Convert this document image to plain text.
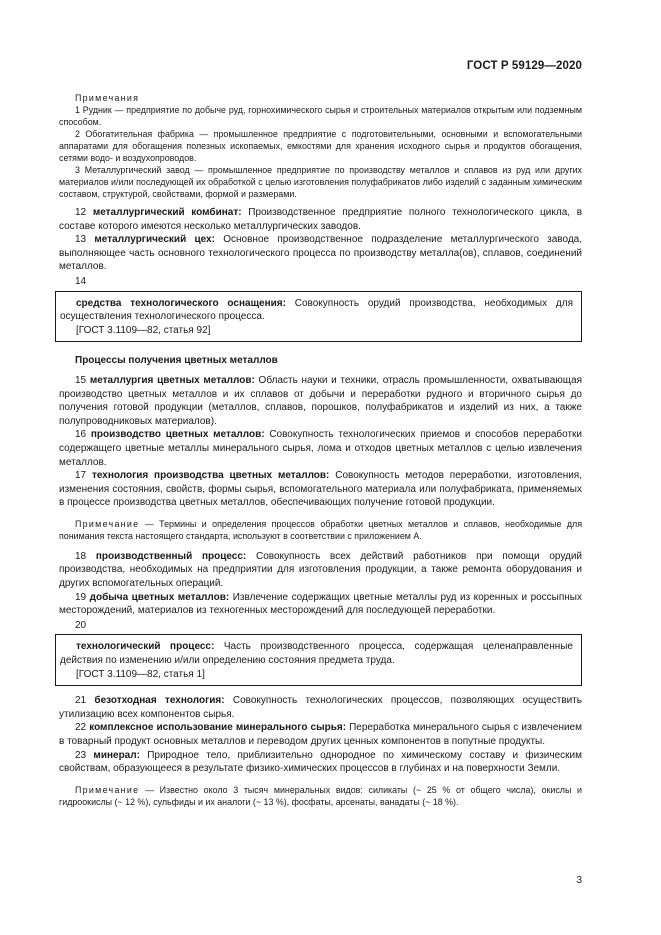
ГОСТ Р 59129—2020

Примечания

1 Рудник — предприятие по добыче руд, горнохимического сырья и строительных материалов открытым или подземным способом.

2 Обогатительная фабрика — промышленное предприятие с подготовительными, основными и вспомогательными аппаратами для обогащения полезных ископаемых, емкостями для хранения исходного сырья и продуктов обогащения, сетями водо- и воздухопроводов.

3 Металлургический завод — промышленное предприятие по производству металлов и сплавов из руд или других материалов и/или последующей их обработкой с целью изготовления полуфабрикатов либо изделий с заданным химическим составом, структурой, свойствами, формой и размерами.

12 металлургический комбинат: Производственное предприятие полного технологического цикла, в составе которого имеются несколько металлургических заводов.

13 металлургический цех: Основное производственное подразделение металлургического завода, выполняющее часть основного технологического процесса по производству металла(ов), сплавов, соединений металлов.

14

средства технологического оснащения: Совокупность орудий производства, необходимых для осуществления технологического процесса.

[ГОСТ 3.1109—82, статья 92]

Процессы получения цветных металлов

15 металлургия цветных металлов: Область науки и техники, отрасль промышленности, охватывающая производство цветных металлов и их сплавов от добычи и переработки рудного и вторичного сырья до получения готовой продукции (металлов, сплавов, порошков, полуфабрикатов и изделий из них, а также полупроводниковых материалов).

16 производство цветных металлов: Совокупность технологических приемов и способов переработки содержащего цветные металлы минерального сырья, лома и отходов цветных металлов с целью извлечения металлов.

17 технология производства цветных металлов: Совокупность методов переработки, изготовления, изменения состояния, свойств, формы сырья, вспомогательного материала или полуфабриката, применяемых в процессе производства цветных металлов, обеспечивающих получение готовой продукции.

Примечание — Термины и определения процессов обработки цветных металлов и сплавов, необходимые для понимания текста настоящего стандарта, используют в соответствии с приложением А.

18 производственный процесс: Совокупность всех действий работников при помощи орудий производства, необходимых на предприятии для изготовления продукции, а также ремонта оборудования и других вспомогательных операций.

19 добыча цветных металлов: Извлечение содержащих цветные металлы руд из коренных и россыпных месторождений, материалов из техногенных месторождений для последующей переработки.

20

технологический процесс: Часть производственного процесса, содержащая целенаправленные действия по изменению и/или определению состояния предмета труда.

[ГОСТ 3.1109—82, статья 1]

21 безотходная технология: Совокупность технологических процессов, позволяющих осуществить утилизацию всех компонентов сырья.

22 комплексное использование минерального сырья: Переработка минерального сырья с извлечением в товарный продукт основных металлов и переводом других ценных компонентов в попутные продукты.

23 минерал: Природное тело, приблизительно однородное по химическому составу и физическим свойствам, образующееся в результате физико-химических процессов в глубинах и на поверхности Земли.

Примечание — Известно около 3 тысяч минеральных видов: силикаты (~ 25 % от общего числа), окислы и гидроокислы (~ 12 %), сульфиды и их аналоги (~ 13 %), фосфаты, арсенаты, ванадаты (~ 18 %).

3
